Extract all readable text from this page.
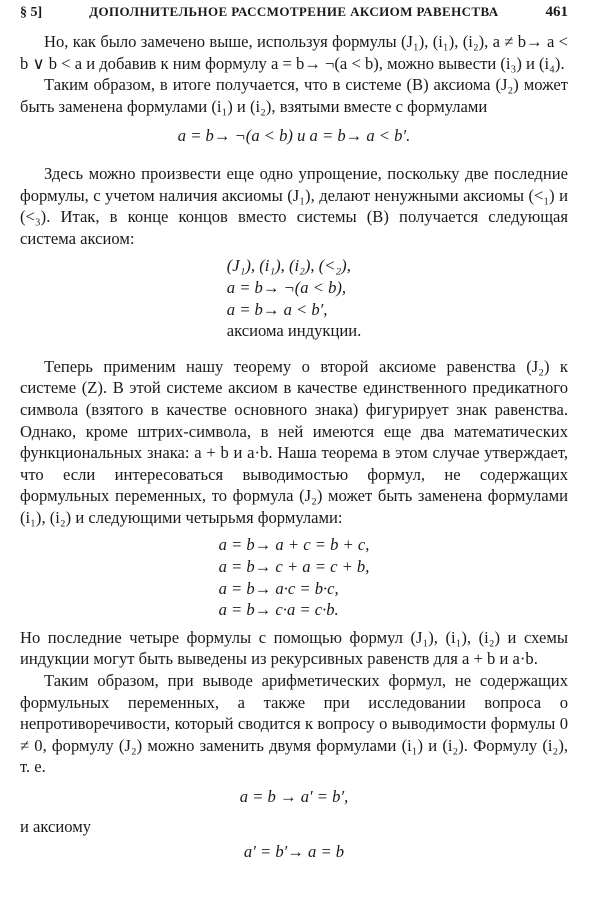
§ 5]	ДОПОЛНИТЕЛЬНОЕ РАССМОТРЕНИЕ АКСИОМ РАВЕНСТВА	461

Но, как было замечено выше, используя формулы (J₁), (i₁), (i₂), a ≠ b→ a < b ∨ b < a и добавив к ним формулу a = b→ ¬(a < b), можно вывести (i₃) и (i₄).

Таким образом, в итоге получается, что в системе (B) аксиома (J₂) может быть заменена формулами (i₁) и (i₂), взятыми вместе с формулами

a = b→ ¬(a < b) и a = b→ a < b′.

Здесь можно произвести еще одно упрощение, поскольку две последние формулы, с учетом наличия аксиомы (J₁), делают ненужными аксиомы (<₁) и (<₃). Итак, в конце концов вместо системы (B) получается следующая система аксиом:

(J₁), (i₁), (i₂), (<₂),
a = b→ ¬(a < b),
a = b→ a < b′,
аксиома индукции.

Теперь применим нашу теорему о второй аксиоме равенства (J₂) к системе (Z). В этой системе аксиом в качестве единственного предикатного символа (взятого в качестве основного знака) фигурирует знак равенства. Однако, кроме штрих-символа, в ней имеются еще два математических функциональных знака: a + b и a·b. Наша теорема в этом случае утверждает, что если интересоваться выводимостью формул, не содержащих формульных переменных, то формула (J₂) может быть заменена формулами (i₁), (i₂) и следующими четырьмя формулами:

a = b→ a + c = b + c,
a = b→ c + a = c + b,
a = b→ a·c = b·c,
a = b→ c·a = c·b.

Но последние четыре формулы с помощью формул (J₁), (i₁), (i₂) и схемы индукции могут быть выведены из рекурсивных равенств для a + b и a·b.

Таким образом, при выводе арифметических формул, не содержащих формульных переменных, а также при исследовании вопроса о непротиворечивости, который сводится к вопросу о выводимости формулы 0 ≠ 0, формулу (J₂) можно заменить двумя формулами (i₁) и (i₂). Формулу (i₂), т. е.

a = b → a′ = b′,
и аксиому
a′ = b′→ a = b
